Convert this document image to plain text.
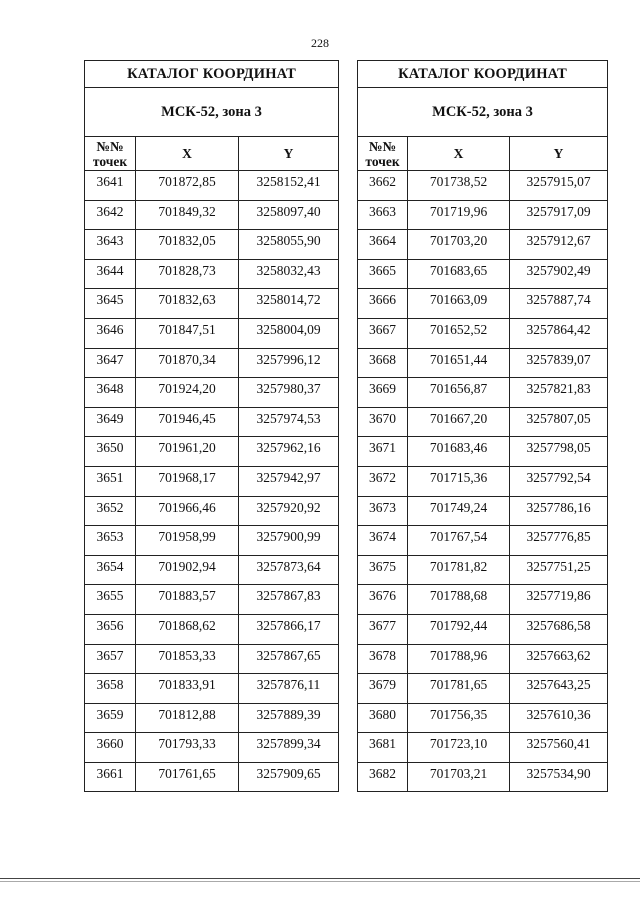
228
КАТАЛОГ КООРДИНАТ		
МСК-52, зона 3		
№№
точек	X	Y
3641	701872,85	3258152,41
3642	701849,32	3258097,40
3643	701832,05	3258055,90
3644	701828,73	3258032,43
3645	701832,63	3258014,72
3646	701847,51	3258004,09
3647	701870,34	3257996,12
3648	701924,20	3257980,37
3649	701946,45	3257974,53
3650	701961,20	3257962,16
3651	701968,17	3257942,97
3652	701966,46	3257920,92
3653	701958,99	3257900,99
3654	701902,94	3257873,64
3655	701883,57	3257867,83
3656	701868,62	3257866,17
3657	701853,33	3257867,65
3658	701833,91	3257876,11
3659	701812,88	3257889,39
3660	701793,33	3257899,34
3661	701761,65	3257909,65
КАТАЛОГ КООРДИНАТ		
МСК-52, зона 3		
№№
точек	X	Y
3662	701738,52	3257915,07
3663	701719,96	3257917,09
3664	701703,20	3257912,67
3665	701683,65	3257902,49
3666	701663,09	3257887,74
3667	701652,52	3257864,42
3668	701651,44	3257839,07
3669	701656,87	3257821,83
3670	701667,20	3257807,05
3671	701683,46	3257798,05
3672	701715,36	3257792,54
3673	701749,24	3257786,16
3674	701767,54	3257776,85
3675	701781,82	3257751,25
3676	701788,68	3257719,86
3677	701792,44	3257686,58
3678	701788,96	3257663,62
3679	701781,65	3257643,25
3680	701756,35	3257610,36
3681	701723,10	3257560,41
3682	701703,21	3257534,90
